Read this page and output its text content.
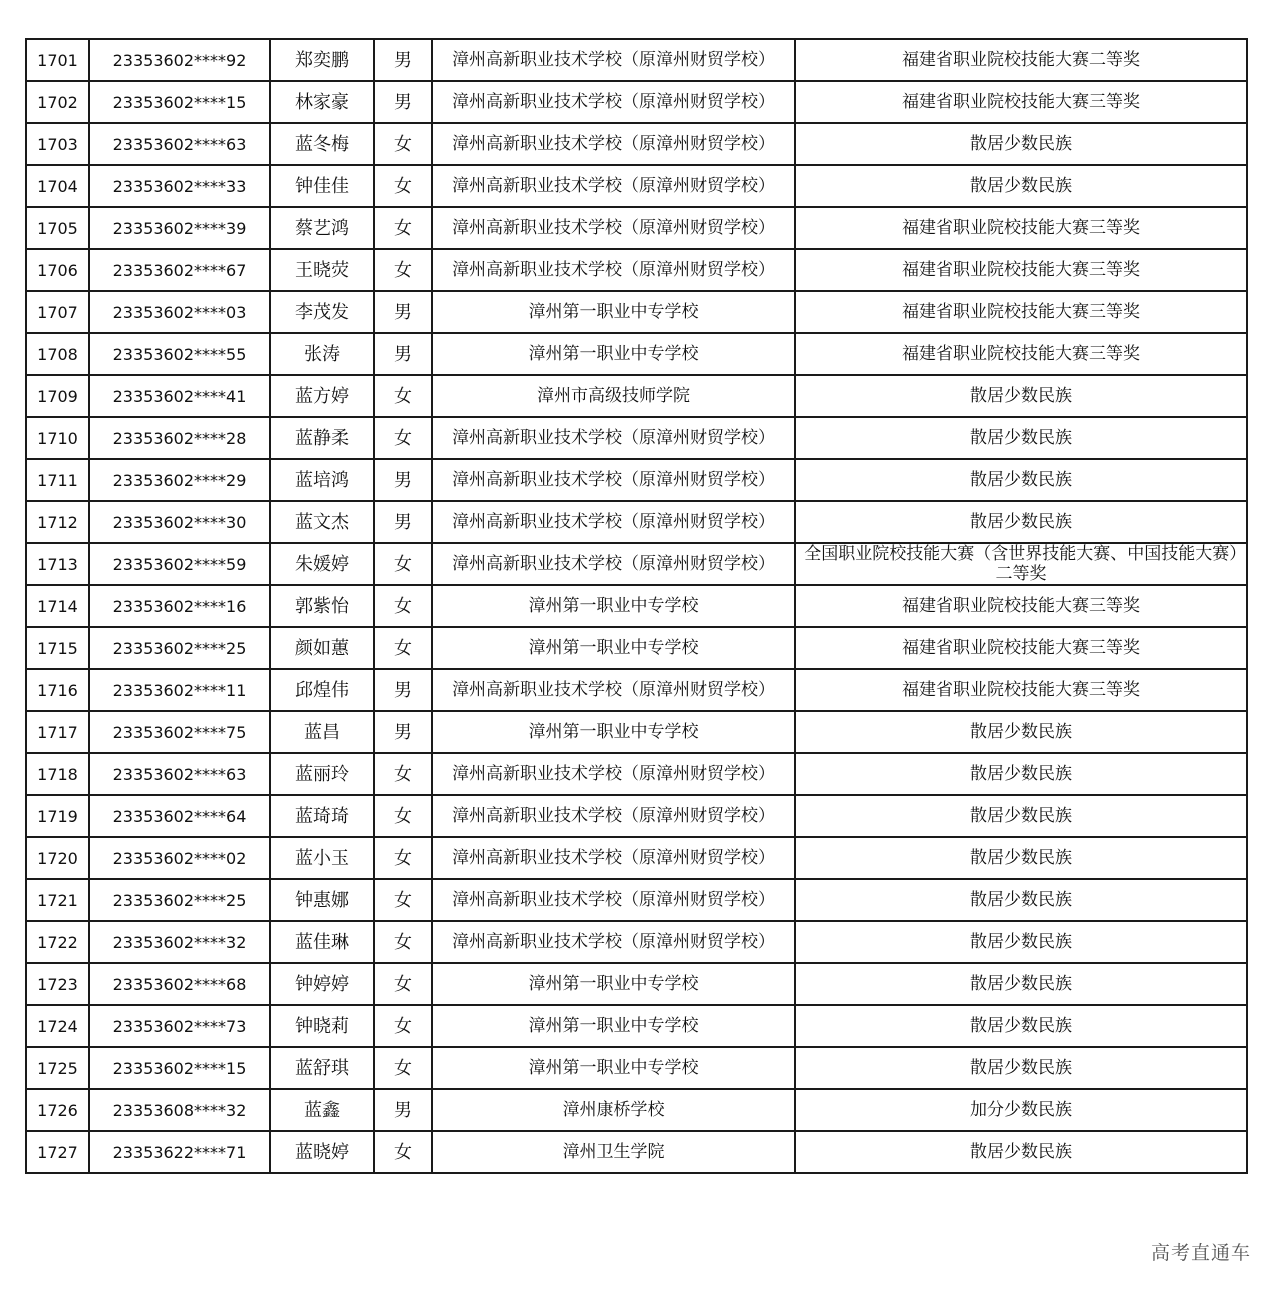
1701	23353602****92	郑奕鹏	男	漳州高新职业技术学校（原漳州财贸学校）	福建省职业院校技能大赛二等奖

1702	23353602****15	林家豪	男	漳州高新职业技术学校（原漳州财贸学校）	福建省职业院校技能大赛三等奖

1703	23353602****63	蓝冬梅	女	漳州高新职业技术学校（原漳州财贸学校）	散居少数民族

1704	23353602****33	钟佳佳	女	漳州高新职业技术学校（原漳州财贸学校）	散居少数民族

1705	23353602****39	蔡艺鸿	女	漳州高新职业技术学校（原漳州财贸学校）	福建省职业院校技能大赛三等奖

1706	23353602****67	王晓荧	女	漳州高新职业技术学校（原漳州财贸学校）	福建省职业院校技能大赛三等奖

1707	23353602****03	李茂发	男	漳州第一职业中专学校	福建省职业院校技能大赛三等奖

1708	23353602****55	张涛	男	漳州第一职业中专学校	福建省职业院校技能大赛三等奖

1709	23353602****41	蓝方婷	女	漳州市高级技师学院	散居少数民族

1710	23353602****28	蓝静柔	女	漳州高新职业技术学校（原漳州财贸学校）	散居少数民族

1711	23353602****29	蓝培鸿	男	漳州高新职业技术学校（原漳州财贸学校）	散居少数民族

1712	23353602****30	蓝文杰	男	漳州高新职业技术学校（原漳州财贸学校）	散居少数民族

1713	23353602****59	朱媛婷	女	漳州高新职业技术学校（原漳州财贸学校）	全国职业院校技能大赛（含世界技能大赛、中国技能大赛）二等奖

1714	23353602****16	郭紫怡	女	漳州第一职业中专学校	福建省职业院校技能大赛三等奖

1715	23353602****25	颜如蕙	女	漳州第一职业中专学校	福建省职业院校技能大赛三等奖

1716	23353602****11	邱煌伟	男	漳州高新职业技术学校（原漳州财贸学校）	福建省职业院校技能大赛三等奖

1717	23353602****75	蓝昌	男	漳州第一职业中专学校	散居少数民族

1718	23353602****63	蓝丽玲	女	漳州高新职业技术学校（原漳州财贸学校）	散居少数民族

1719	23353602****64	蓝琦琦	女	漳州高新职业技术学校（原漳州财贸学校）	散居少数民族

1720	23353602****02	蓝小玉	女	漳州高新职业技术学校（原漳州财贸学校）	散居少数民族

1721	23353602****25	钟惠娜	女	漳州高新职业技术学校（原漳州财贸学校）	散居少数民族

1722	23353602****32	蓝佳琳	女	漳州高新职业技术学校（原漳州财贸学校）	散居少数民族

1723	23353602****68	钟婷婷	女	漳州第一职业中专学校	散居少数民族

1724	23353602****73	钟晓莉	女	漳州第一职业中专学校	散居少数民族

1725	23353602****15	蓝舒琪	女	漳州第一职业中专学校	散居少数民族

1726	23353608****32	蓝鑫	男	漳州康桥学校	加分少数民族

1727	23353622****71	蓝晓婷	女	漳州卫生学院	散居少数民族
高考直通车
